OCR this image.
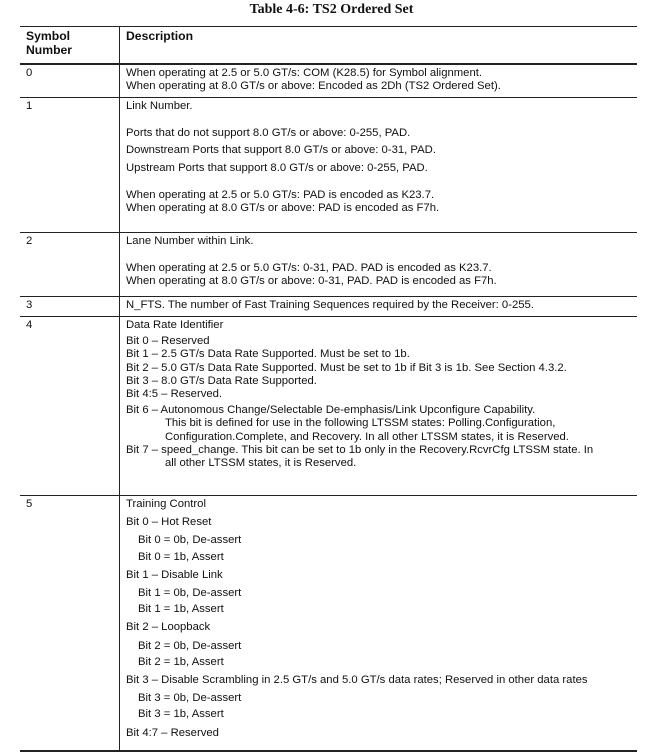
Table 4-6: TS2 Ordered Set
Symbol
Number
Description
0	When operating at 2.5 or 5.0 GT/s: COM (K28.5) for Symbol alignment.
When operating at 8.0 GT/s or above: Encoded as 2Dh (TS2 Ordered Set).
1	Link Number.
Ports that do not support 8.0 GT/s or above: 0-255, PAD.
Downstream Ports that support 8.0 GT/s or above: 0-31, PAD.
Upstream Ports that support 8.0 GT/s or above: 0-255, PAD.
When operating at 2.5 or 5.0 GT/s: PAD is encoded as K23.7.
When operating at 8.0 GT/s or above: PAD is encoded as F7h.
2	Lane Number within Link.
When operating at 2.5 or 5.0 GT/s: 0-31, PAD. PAD is encoded as K23.7.
When operating at 8.0 GT/s or above: 0-31, PAD. PAD is encoded as F7h.
3	N_FTS. The number of Fast Training Sequences required by the Receiver: 0-255.
4	Data Rate Identifier
Bit 0 – Reserved
Bit 1 – 2.5 GT/s Data Rate Supported. Must be set to 1b.
Bit 2 – 5.0 GT/s Data Rate Supported. Must be set to 1b if Bit 3 is 1b. See Section 4.3.2.
Bit 3 – 8.0 GT/s Data Rate Supported.
Bit 4:5 – Reserved.
Bit 6 – Autonomous Change/Selectable De-emphasis/Link Upconfigure Capability.
This bit is defined for use in the following LTSSM states: Polling.Configuration,
Configuration.Complete, and Recovery. In all other LTSSM states, it is Reserved.
Bit 7 – speed_change. This bit can be set to 1b only in the Recovery.RcvrCfg LTSSM state. In
all other LTSSM states, it is Reserved.
5	Training Control
Bit 0 – Hot Reset
Bit 0 = 0b, De-assert
Bit 0 = 1b, Assert
Bit 1 – Disable Link
Bit 1 = 0b, De-assert
Bit 1 = 1b, Assert
Bit 2 – Loopback
Bit 2 = 0b, De-assert
Bit 2 = 1b, Assert
Bit 3 – Disable Scrambling in 2.5 GT/s and 5.0 GT/s data rates; Reserved in other data rates
Bit 3 = 0b, De-assert
Bit 3 = 1b, Assert
Bit 4:7 – Reserved
